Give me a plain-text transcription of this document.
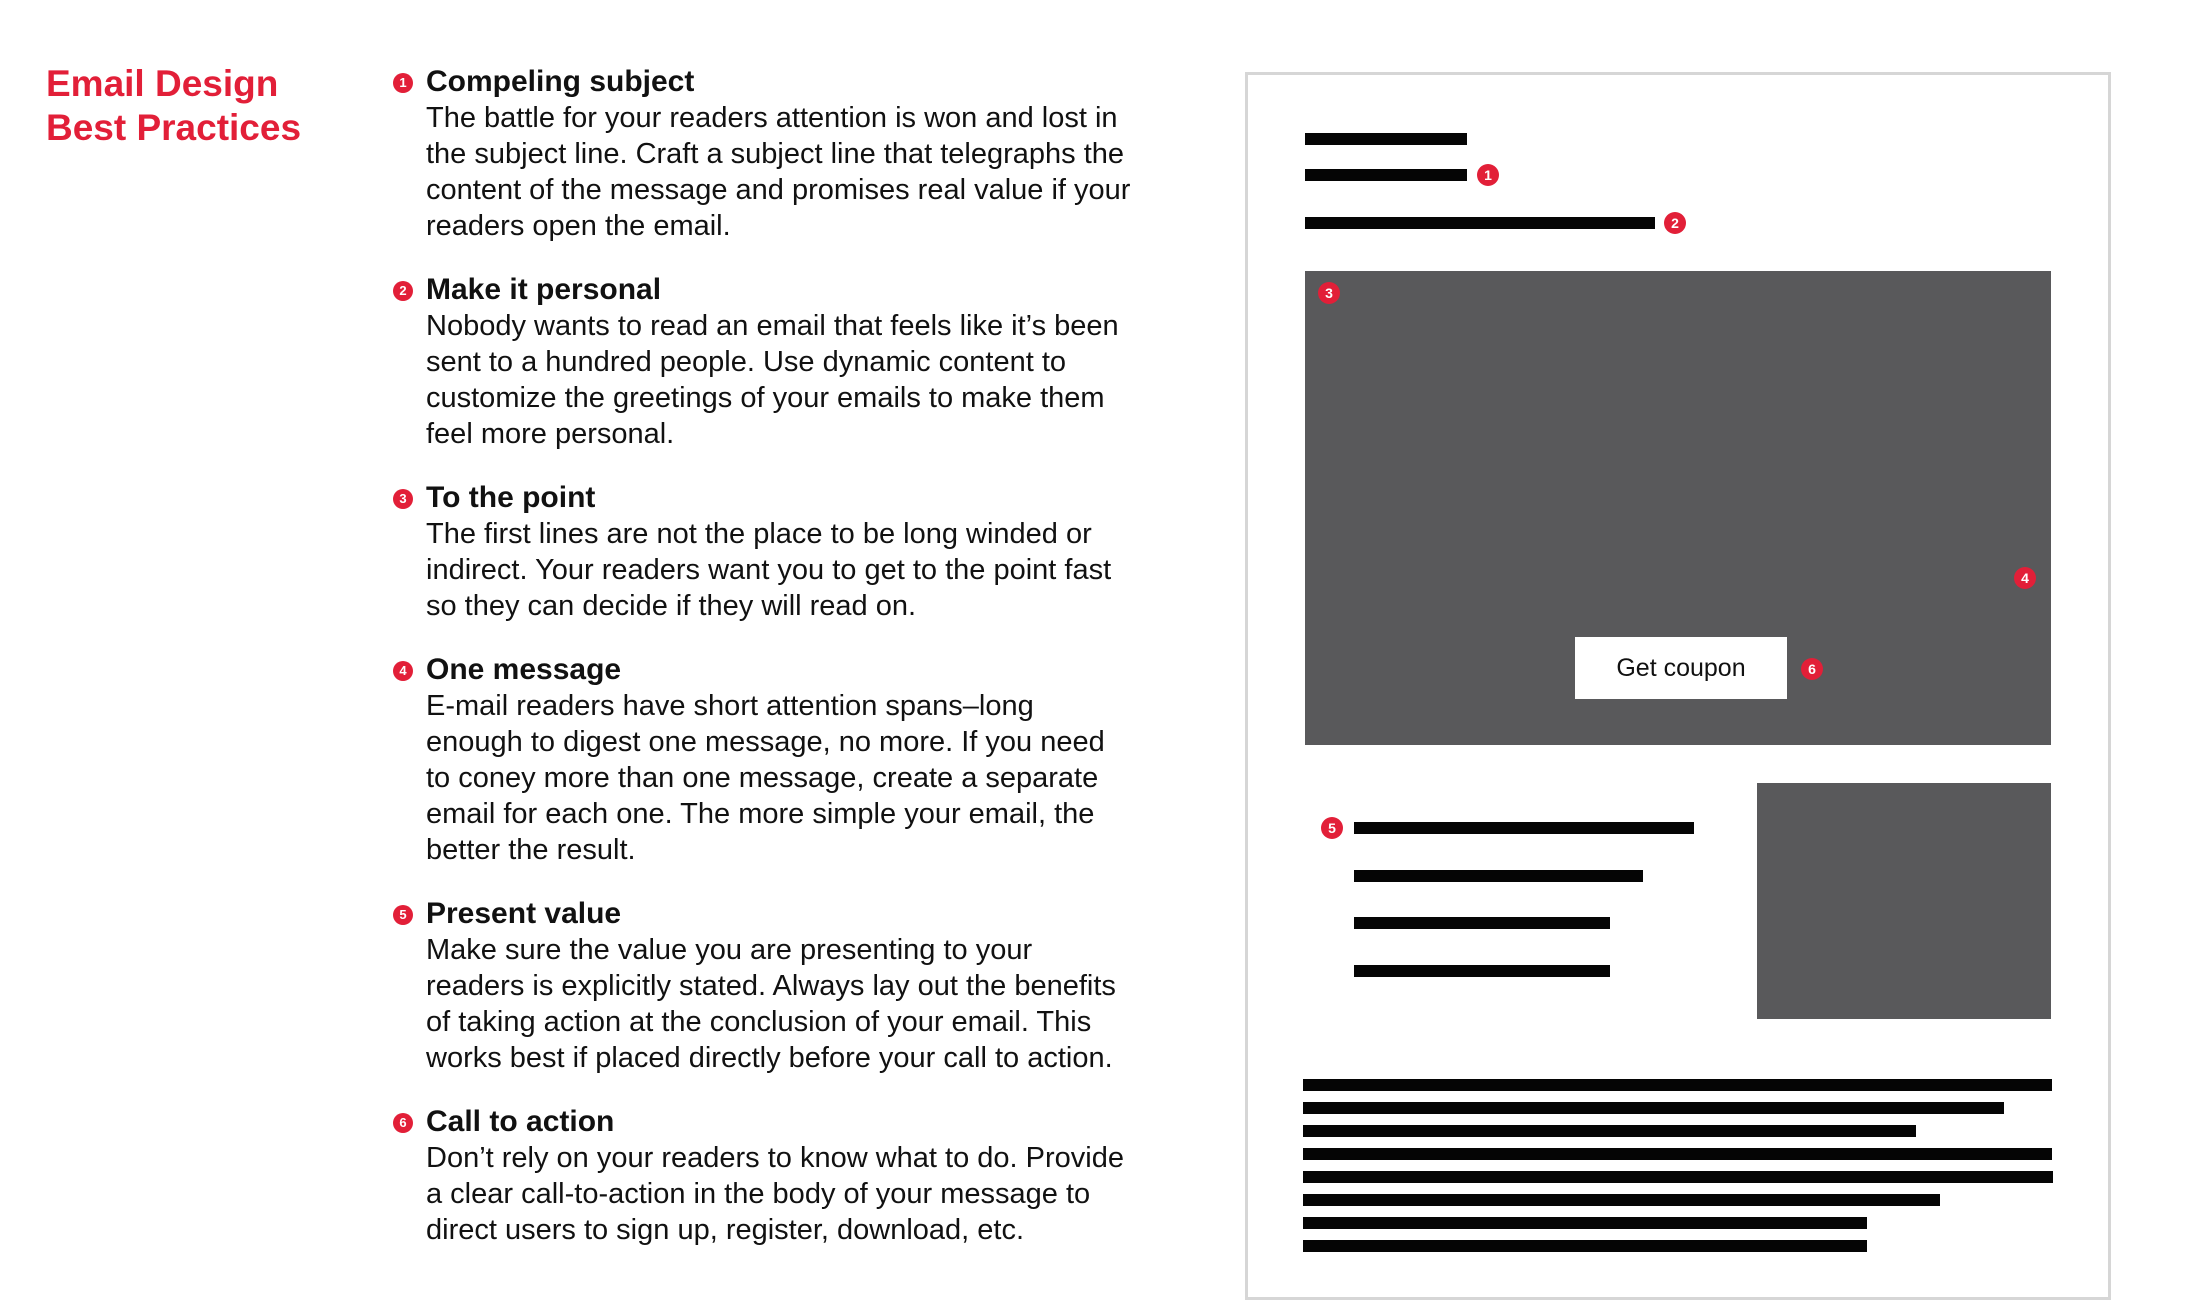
Email Design
Best Practices
1 Compeling subject

The battle for your readers attention is won and lost in the subject line. Craft a subject line that telegraphs the content of the message and promises real value if your readers open the email.

2 Make it personal

Nobody wants to read an email that feels like it’s been sent to a hundred people. Use dynamic content to customize the greetings of your emails to make them feel more personal.

3 To the point

The first lines are not the place to be long winded or indirect. Your readers want you to get to the point fast so they can decide if they will read on.

4 One message

E-mail readers have short attention spans–long enough to digest one message, no more. If you need to coney more than one message, create a separate email for each one. The more simple your email, the better the result.

5 Present value

Make sure the value you are presenting to your readers is explicitly stated. Always lay out the benefits of taking action at the conclusion of your email. This works best if placed directly before your call to action.

6 Call to action

Don’t rely on your readers to know what to do. Provide a clear call-to-action in the body of your message to direct users to sign up, register, download, etc.

1
2
3
4
Get coupon	6
5
